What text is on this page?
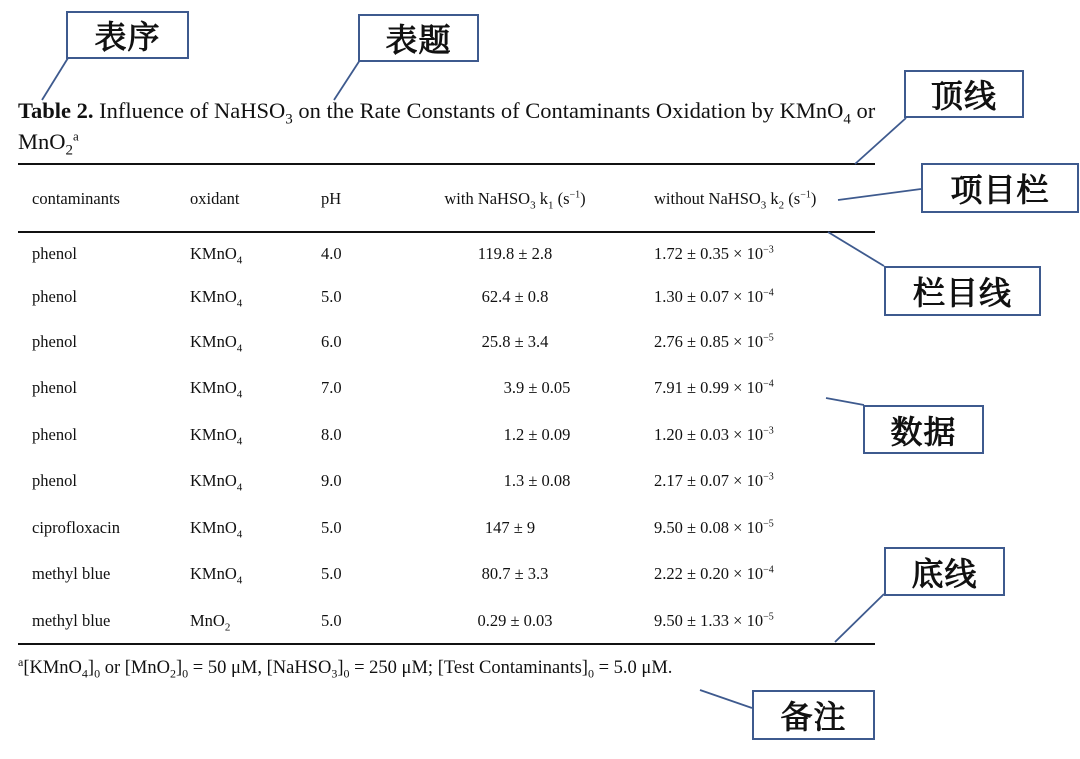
Table 2. Influence of NaHSO$_3$ on the Rate Constants of Contaminants Oxidation by KMnO$_4$ or MnO$_2^a$
contaminants	oxidant	pH	with NaHSO$_3$ $k_1$ $(s^{-1})$	without NaHSO$_3$ $k_2$ $(s^{-1})$
phenol	KMnO$_4$	4.0	119.8 ± 2.8	$1.72 \pm 0.35 \times 10^{-3}$
phenol	KMnO$_4$	5.0	62.4 ± 0.8	$1.30 \pm 0.07 \times 10^{-4}$
phenol	KMnO$_4$	6.0	25.8 ± 3.4	$2.76 \pm 0.85 \times 10^{-5}$
phenol	KMnO$_4$	7.0	3.9 ± 0.05	$7.91 \pm 0.99 \times 10^{-4}$
phenol	KMnO$_4$	8.0	1.2 ± 0.09	$1.20 \pm 0.03 \times 10^{-3}$
phenol	KMnO$_4$	9.0	1.3 ± 0.08	$2.17 \pm 0.07 \times 10^{-3}$
ciprofloxacin	KMnO$_4$	5.0	147 ± 9	$9.50 \pm 0.08 \times 10^{-5}$
methyl blue	KMnO$_4$	5.0	80.7 ± 3.3	$2.22 \pm 0.20 \times 10^{-4}$
methyl blue	MnO$_2$	5.0	0.29 ± 0.03	$9.50 \pm 1.33 \times 10^{-5}$
$^a[KMnO_4]_0$ or $[MnO_2]_0 = 50$ μM, $[NaHSO_3]_0 = 250$ μM; [Test $Contaminants]_0 = 5.0$ μM.
表序	表题
顶线
项目栏
栏目线
数据
底线
备注
